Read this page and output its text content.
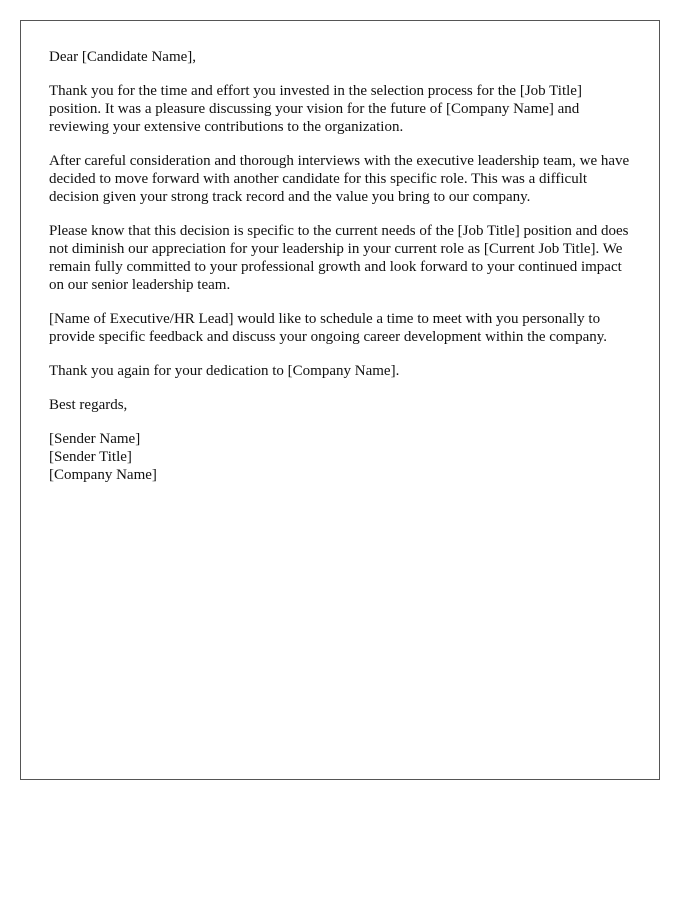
Dear [Candidate Name],

Thank you for the time and effort you invested in the selection process for the [Job Title] position. It was a pleasure discussing your vision for the future of [Company Name] and reviewing your extensive contributions to the organization.

After careful consideration and thorough interviews with the executive leadership team, we have decided to move forward with another candidate for this specific role. This was a difficult decision given your strong track record and the value you bring to our company.

Please know that this decision is specific to the current needs of the [Job Title] position and does not diminish our appreciation for your leadership in your current role as [Current Job Title]. We remain fully committed to your professional growth and look forward to your continued impact on our senior leadership team.

[Name of Executive/HR Lead] would like to schedule a time to meet with you personally to provide specific feedback and discuss your ongoing career development within the company.

Thank you again for your dedication to [Company Name].

Best regards,

[Sender Name]

[Sender Title]

[Company Name]
